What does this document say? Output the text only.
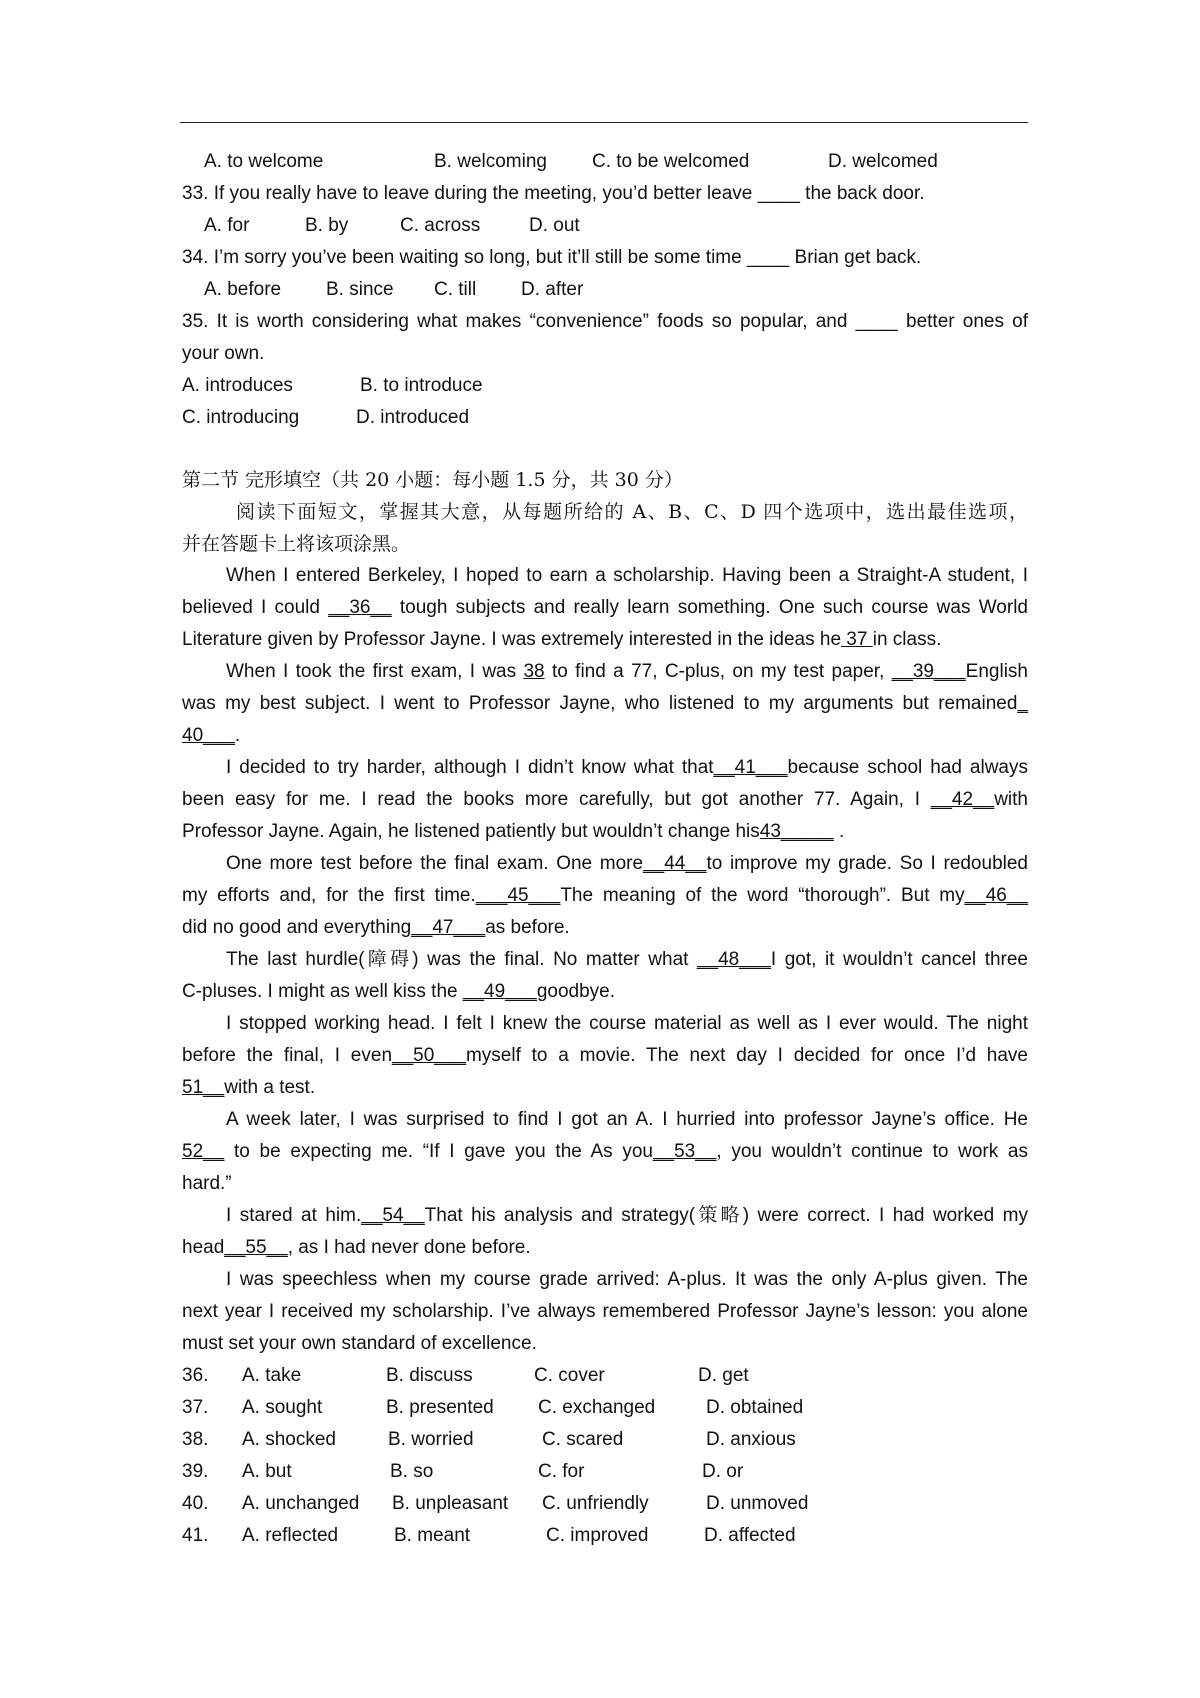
A. to welcome	B. welcoming C. to be welcomed	D. welcomed
33. If you really have to leave during the meeting, you’d better leave ____ the back door.
A. for	B. by	C. across	D. out
34. I’m sorry you’ve been waiting so long, but it’ll still be some time ____ Brian get back.
A. before B. since C. till D. after
35. It is worth considering what makes “convenience” foods so popular, and ____ better ones of
your own.
A. introduces	B. to introduce
C. introducing	D. introduced
第二节 完形填空（共 20 小题：每小题 1.5 分，共 30 分）
阅读下面短文，掌握其大意，从每题所给的 A、B、C、D 四个选项中，选出最佳选项，
并在答题卡上将该项涂黑。
When I entered Berkeley, I hoped to earn a scholarship. Having been a Straight-A student, I
believed I could __36__ tough subjects and really learn something. One such course was World
Literature given by Professor Jayne. I was extremely interested in the ideas he 37 in class.
When I took the first exam, I was 38 to find a 77, C-plus, on my test paper, __39___English
was my best subject. I went to Professor Jayne, who listened to my arguments but remained_
40___.
I decided to try harder, although I didn’t know what that__41___because school had always
been easy for me. I read the books more carefully, but got another 77. Again, I __42__with
Professor Jayne. Again, he listened patiently but wouldn’t change his43_____ .
One more test before the final exam. One more__44__to improve my grade. So I redoubled
my efforts and, for the first time.___45___The meaning of the word “thorough”. But my__46__
did no good and everything__47___as before.
The last hurdle(障碍) was the final. No matter what __48___I got, it wouldn’t cancel three
C-pluses. I might as well kiss the __49___goodbye.
I stopped working head. I felt I knew the course material as well as I ever would. The night
before the final, I even__50___myself to a movie. The next day I decided for once I’d have
51__with a test.
A week later, I was surprised to find I got an A. I hurried into professor Jayne’s office. He
52__ to be expecting me. “If I gave you the As you__53__, you wouldn’t continue to work as
hard.”
I stared at him.__54__That his analysis and strategy(策略) were correct. I had worked my
head__55__, as I had never done before.
I was speechless when my course grade arrived: A-plus. It was the only A-plus given. The
next year I received my scholarship. I’ve always remembered Professor Jayne’s lesson: you alone
must set your own standard of excellence.
36. A. take	B. discuss	C. cover	D. get
37. A. sought	B. presented C. exchanged	D. obtained
38. A. shocked	B. worried	C. scared	D. anxious
39. A. but	B. so	C. for	D. or
40. A. unchanged B. unpleasant C. unfriendly	D. unmoved
41. A. reflected	B. meant	C. improved	D. affected
